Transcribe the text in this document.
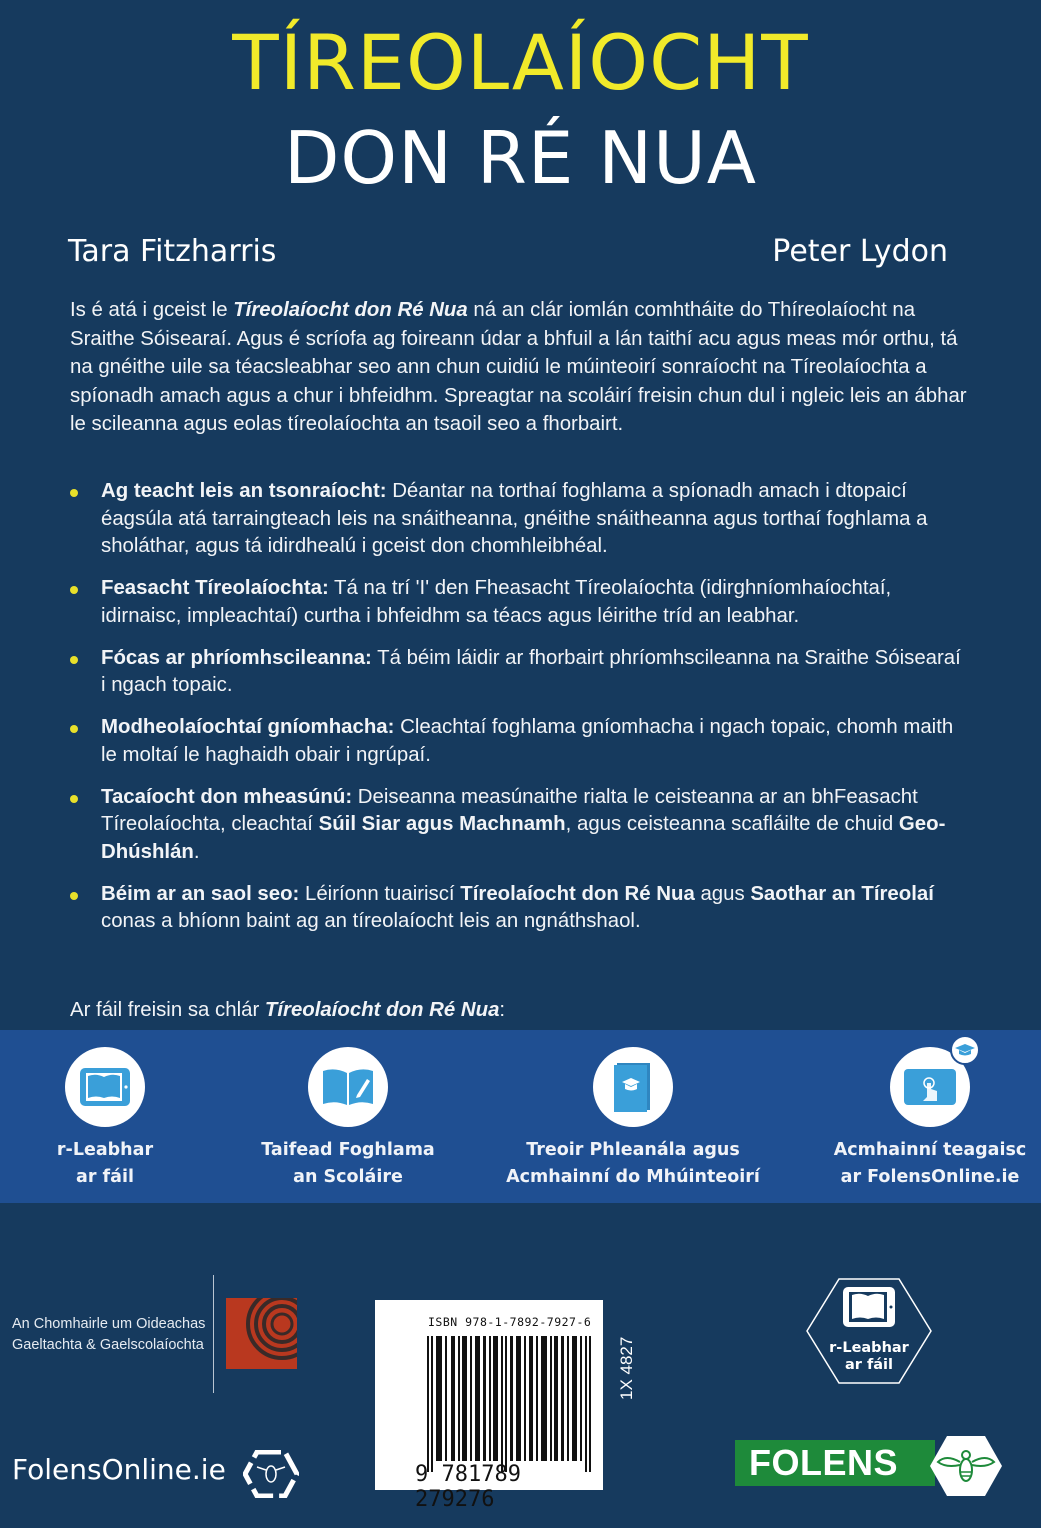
TÍREOLAÍOCHT
DON RÉ NUA
Tara Fitzharris	Peter Lydon

Is é atá i gceist le Tíreolaíocht don Ré Nua ná an clár iomlán comhtháite do Thíreolaíocht na Sraithe Sóisearaí. Agus é scríofa ag foireann údar a bhfuil a lán taithí acu agus meas mór orthu, tá na gnéithe uile sa téacsleabhar seo ann chun cuidiú le múinteoirí sonraíocht na Tíreolaíochta a spíonadh amach agus a chur i bhfeidhm. Spreagtar na scoláirí freisin chun dul i ngleic leis an ábhar le scileanna agus eolas tíreolaíochta an tsaoil seo a fhorbairt.

Ag teacht leis an tsonraíocht: Déantar na torthaí foghlama a spíonadh amach i dtopaicí éagsúla atá tarraingteach leis na snáitheanna, gnéithe snáitheanna agus torthaí foghlama a sholáthar, agus tá idirdhealú i gceist don chomhleibhéal.
Feasacht Tíreolaíochta: Tá na trí 'I' den Fheasacht Tíreolaíochta (idirghníomhaíochtaí, idirnaisc, impleachtaí) curtha i bhfeidhm sa téacs agus léirithe tríd an leabhar.
Fócas ar phríomhscileanna: Tá béim láidir ar fhorbairt phríomhscileanna na Sraithe Sóisearaí i ngach topaic.
Modheolaíochtaí gníomhacha: Cleachtaí foghlama gníomhacha i ngach topaic, chomh maith le moltaí le haghaidh obair i ngrúpaí.
Tacaíocht don mheasúnú: Deiseanna measúnaithe rialta le ceisteanna ar an bhFeasacht Tíreolaíochta, cleachtaí Súil Siar agus Machnamh, agus ceisteanna scafláilte de chuid Geo-Dhúshlán.
Béim ar an saol seo: Léiríonn tuairiscí Tíreolaíocht don Ré Nua agus Saothar an Tíreolaí conas a bhíonn baint ag an tíreolaíocht leis an ngnáthshaol.

Ar fáil freisin sa chlár Tíreolaíocht don Ré Nua:

r-Leabhar
ar fáil
Taifead Foghlama
an Scoláire
Treoir Phleanála agus
Acmhainní do Mhúinteoirí
Acmhainní teagaisc
ar FolensOnline.ie
An Chomhairle um Oideachas
Gaeltachta & Gaelscolaíochta
ISBN 978-1-7892-7927-6
9 781789 279276
1X 4827
FolensOnline.ie
r-Leabhar
ar fáil
FOLENS
